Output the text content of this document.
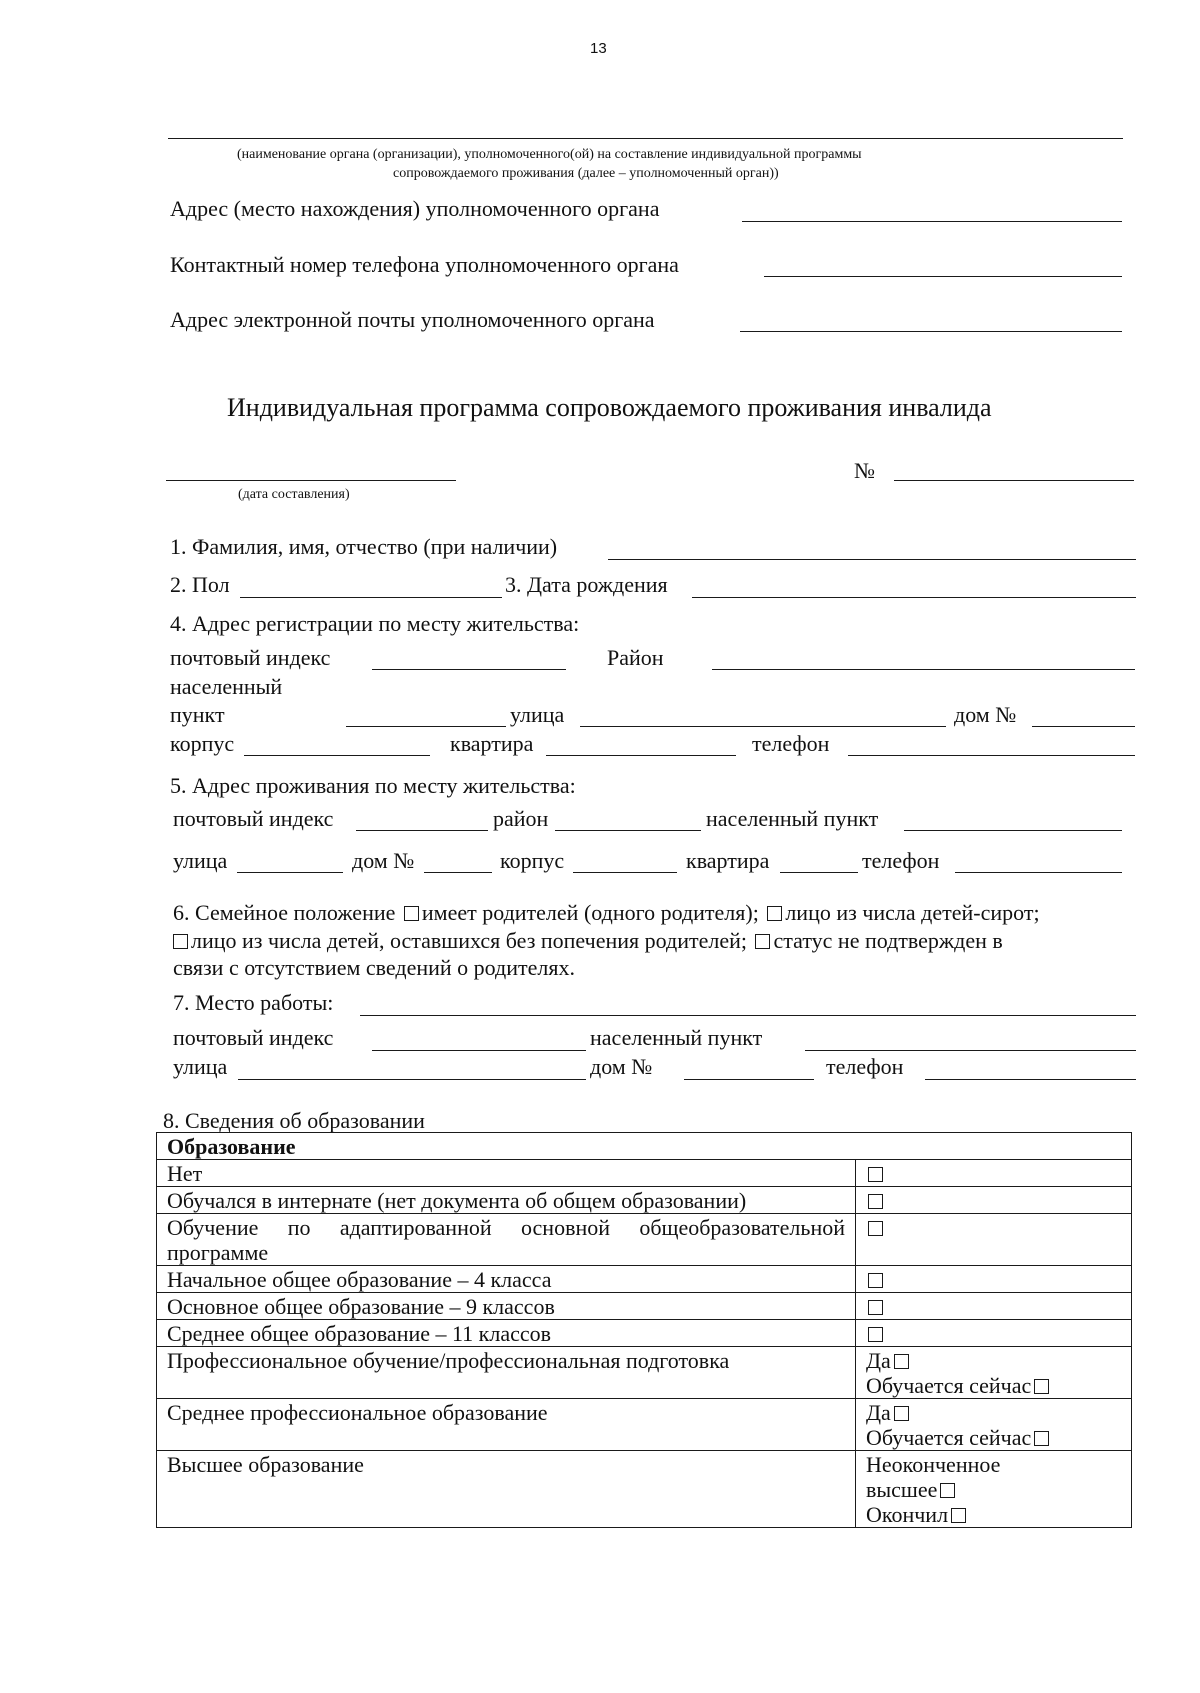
13
(наименование органа (организации), уполномоченного(ой) на составление индивидуальной программы
сопровождаемого проживания (далее – уполномоченный орган))
Адрес (место нахождения) уполномоченного органа
Контактный номер телефона уполномоченного органа
Адрес электронной почты уполномоченного органа
Индивидуальная программа сопровождаемого проживания инвалида
(дата составления)
№
1. Фамилия, имя, отчество (при наличии)
2. Пол	3. Дата рождения
4. Адрес регистрации по месту жительства:
почтовый индекс	Район
населенный
пункт	улица	дом №
корпус	квартира	телефон
5. Адрес проживания по месту жительства:
почтовый индекс	район	населенный пункт
улица	дом №	корпус	квартира	телефон
6. Семейное положение имеет родителей (одного родителя); лицо из числа детей-сирот;
лицо из числа детей, оставшихся без попечения родителей; статус не подтвержден в
связи с отсутствием сведений о родителях.
7. Место работы:
почтовый индекс	населенный пункт
улица	дом №	телефон
8. Сведения об образовании
Образование	
Нет	
Обучался в интернате (нет документа об общем образовании)	
Обучение по адаптированной основной общеобразовательной программе	
Начальное общее образование – 4 класса	
Основное общее образование – 9 классов	
Среднее общее образование – 11 классов	
Профессиональное обучение/профессиональная подготовка	Да
Обучается сейчас

Среднее профессиональное образование	Да
Обучается сейчас

Высшее образование	Неоконченное
высшее
Окончил
